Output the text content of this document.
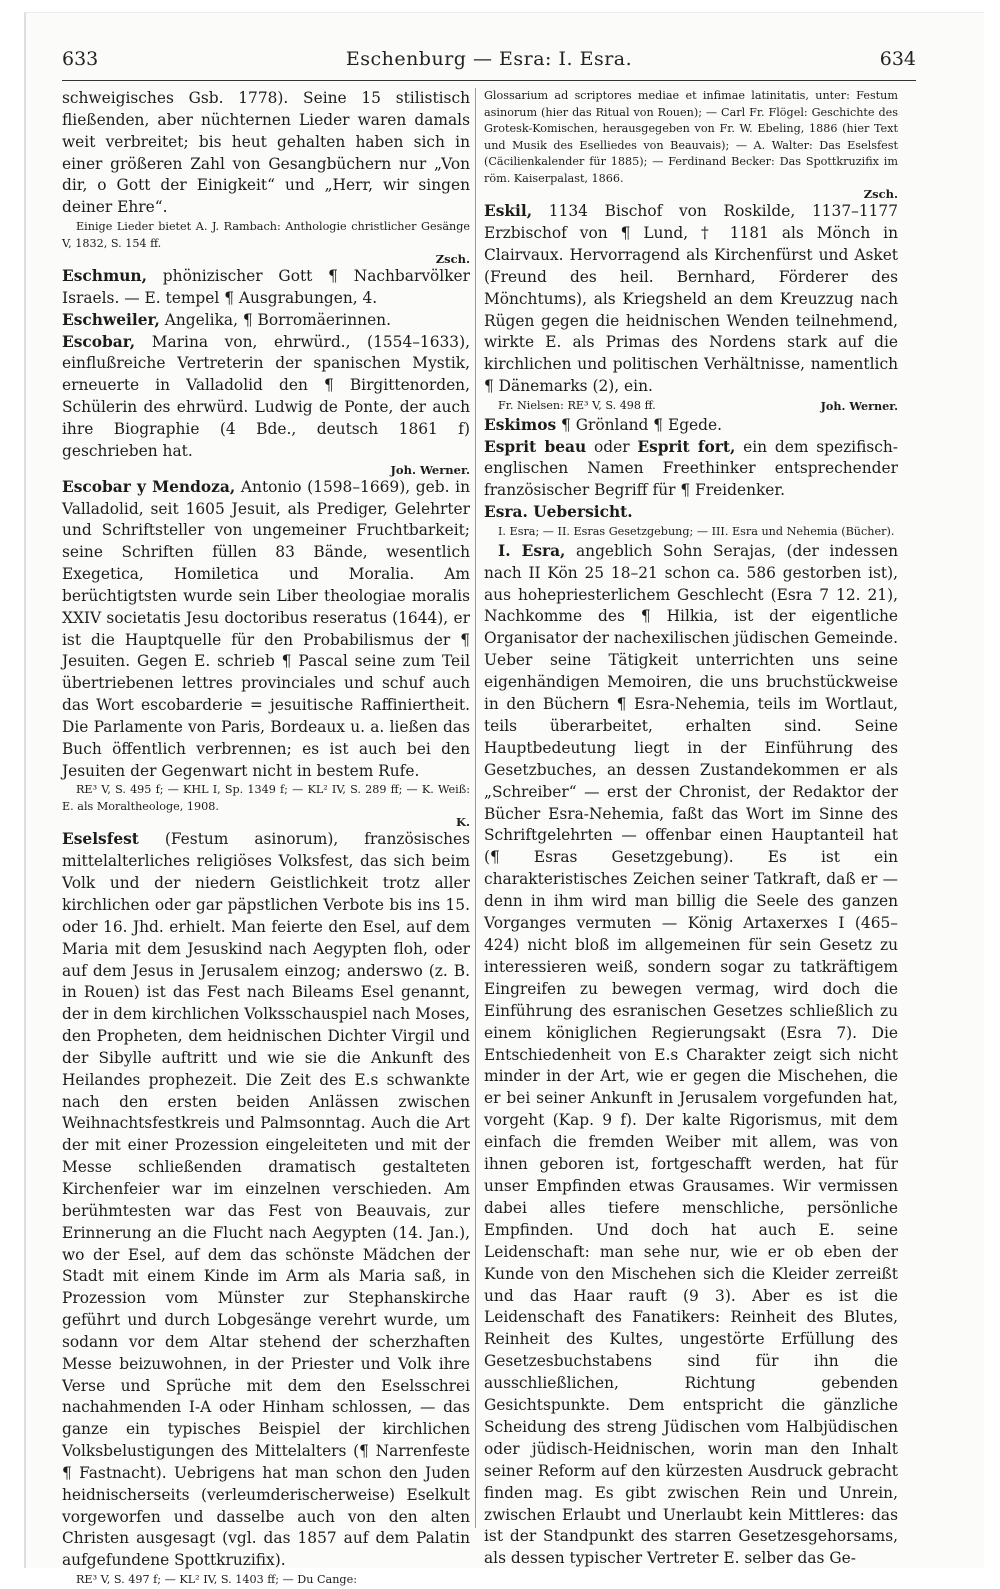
633	Eschenburg — Esra: I. Esra.	634

schweigisches Gsb. 1778). Seine 15 stilistisch fließenden, aber nüchternen Lieder waren damals weit verbreitet; bis heut gehalten haben sich in einer größeren Zahl von Gesangbüchern nur „Von dir, o Gott der Einigkeit“ und „Herr, wir singen deiner Ehre“.

Einige Lieder bietet A. J. Rambach: Anthologie christlicher Gesänge V, 1832, S. 154 ff.

Zsch.

Eschmun, phönizischer Gott ¶ Nachbarvölker Israels. — E. tempel ¶ Ausgrabungen, 4.

Eschweiler, Angelika, ¶ Borromäerinnen.

Escobar, Marina von, ehrwürd., (1554–1633), einflußreiche Vertreterin der spanischen Mystik, erneuerte in Valladolid den ¶ Birgittenorden, Schülerin des ehrwürd. Ludwig de Ponte, der auch ihre Biographie (4 Bde., deutsch 1861 f) geschrieben hat.

Joh. Werner.

Escobar y Mendoza, Antonio (1598–1669), geb. in Valladolid, seit 1605 Jesuit, als Prediger, Gelehrter und Schriftsteller von ungemeiner Fruchtbarkeit; seine Schriften füllen 83 Bände, wesentlich Exegetica, Homiletica und Moralia. Am berüchtigtsten wurde sein Liber theologiae moralis XXIV societatis Jesu doctoribus reseratus (1644), er ist die Hauptquelle für den Probabilismus der ¶ Jesuiten. Gegen E. schrieb ¶ Pascal seine zum Teil übertriebenen lettres provinciales und schuf auch das Wort escobarderie = jesuitische Raffiniertheit. Die Parlamente von Paris, Bordeaux u. a. ließen das Buch öffentlich verbrennen; es ist auch bei den Jesuiten der Gegenwart nicht in bestem Rufe.

RE³ V, S. 495 f; — KHL I, Sp. 1349 f; — KL² IV, S. 289 ff; — K. Weiß: E. als Moraltheologe, 1908.

K.

Eselsfest (Festum asinorum), französisches mittelalterliches religiöses Volksfest, das sich beim Volk und der niedern Geistlichkeit trotz aller kirchlichen oder gar päpstlichen Verbote bis ins 15. oder 16. Jhd. erhielt. Man feierte den Esel, auf dem Maria mit dem Jesuskind nach Aegypten floh, oder auf dem Jesus in Jerusalem einzog; anderswo (z. B. in Rouen) ist das Fest nach Bileams Esel genannt, der in dem kirchlichen Volksschauspiel nach Moses, den Propheten, dem heidnischen Dichter Virgil und der Sibylle auftritt und wie sie die Ankunft des Heilandes prophezeit. Die Zeit des E.s schwankte nach den ersten beiden Anlässen zwischen Weihnachtsfestkreis und Palmsonntag. Auch die Art der mit einer Prozession eingeleiteten und mit der Messe schließenden dramatisch gestalteten Kirchenfeier war im einzelnen verschieden. Am berühmtesten war das Fest von Beauvais, zur Erinnerung an die Flucht nach Aegypten (14. Jan.), wo der Esel, auf dem das schönste Mädchen der Stadt mit einem Kinde im Arm als Maria saß, in Prozession vom Münster zur Stephanskirche geführt und durch Lobgesänge verehrt wurde, um sodann vor dem Altar stehend der scherzhaften Messe beizuwohnen, in der Priester und Volk ihre Verse und Sprüche mit dem den Eselsschrei nachahmenden I-A oder Hinham schlossen, — das ganze ein typisches Beispiel der kirchlichen Volksbelustigungen des Mittelalters (¶ Narrenfeste ¶ Fastnacht). Uebrigens hat man schon den Juden heidnischerseits (verleumderischerweise) Eselkult vorgeworfen und dasselbe auch von den alten Christen ausgesagt (vgl. das 1857 auf dem Palatin aufgefundene Spottkruzifix).

RE³ V, S. 497 f; — KL² IV, S. 1403 ff; — Du Cange:

Glossarium ad scriptores mediae et infimae latinitatis, unter: Festum asinorum (hier das Ritual von Rouen); — Carl Fr. Flögel: Geschichte des Grotesk-Komischen, herausgegeben von Fr. W. Ebeling, 1886 (hier Text und Musik des Eselliedes von Beauvais); — A. Walter: Das Eselsfest (Cäcilienkalender für 1885); — Ferdinand Becker: Das Spottkruzifix im röm. Kaiserpalast, 1866.

Zsch.

Eskil, 1134 Bischof von Roskilde, 1137–1177 Erzbischof von ¶ Lund, † 1181 als Mönch in Clairvaux. Hervorragend als Kirchenfürst und Asket (Freund des heil. Bernhard, Förderer des Mönchtums), als Kriegsheld an dem Kreuzzug nach Rügen gegen die heidnischen Wenden teilnehmend, wirkte E. als Primas des Nordens stark auf die kirchlichen und politischen Verhältnisse, namentlich ¶ Dänemarks (2), ein.

Fr. Nielsen: RE³ V, S. 498 ff.	Joh. Werner.

Eskimos ¶ Grönland ¶ Egede.

Esprit beau oder Esprit fort, ein dem spezifisch-englischen Namen Freethinker entsprechender französischer Begriff für ¶ Freidenker.

Esra. Uebersicht.

I. Esra; — II. Esras Gesetzgebung; — III. Esra und Nehemia (Bücher).

I. Esra, angeblich Sohn Serajas, (der indessen nach II Kön 25 18–21 schon ca. 586 gestorben ist), aus hohepriesterlichem Geschlecht (Esra 7 12. 21), Nachkomme des ¶ Hilkia, ist der eigentliche Organisator der nachexilischen jüdischen Gemeinde. Ueber seine Tätigkeit unterrichten uns seine eigenhändigen Memoiren, die uns bruchstückweise in den Büchern ¶ Esra-Nehemia, teils im Wortlaut, teils überarbeitet, erhalten sind. Seine Hauptbedeutung liegt in der Einführung des Gesetzbuches, an dessen Zustandekommen er als „Schreiber“ — erst der Chronist, der Redaktor der Bücher Esra-Nehemia, faßt das Wort im Sinne des Schriftgelehrten — offenbar einen Hauptanteil hat (¶ Esras Gesetzgebung). Es ist ein charakteristisches Zeichen seiner Tatkraft, daß er — denn in ihm wird man billig die Seele des ganzen Vorganges vermuten — König Artaxerxes I (465–424) nicht bloß im allgemeinen für sein Gesetz zu interessieren weiß, sondern sogar zu tatkräftigem Eingreifen zu bewegen vermag, wird doch die Einführung des esranischen Gesetzes schließlich zu einem königlichen Regierungsakt (Esra 7). Die Entschiedenheit von E.s Charakter zeigt sich nicht minder in der Art, wie er gegen die Mischehen, die er bei seiner Ankunft in Jerusalem vorgefunden hat, vorgeht (Kap. 9 f). Der kalte Rigorismus, mit dem einfach die fremden Weiber mit allem, was von ihnen geboren ist, fortgeschafft werden, hat für unser Empfinden etwas Grausames. Wir vermissen dabei alles tiefere menschliche, persönliche Empfinden. Und doch hat auch E. seine Leidenschaft: man sehe nur, wie er ob eben der Kunde von den Mischehen sich die Kleider zerreißt und das Haar rauft (9 3). Aber es ist die Leidenschaft des Fanatikers: Reinheit des Blutes, Reinheit des Kultes, ungestörte Erfüllung des Gesetzesbuchstabens sind für ihn die ausschließlichen, Richtung gebenden Gesichtspunkte. Dem entspricht die gänzliche Scheidung des streng Jüdischen vom Halbjüdischen oder jüdisch-Heidnischen, worin man den Inhalt seiner Reform auf den kürzesten Ausdruck gebracht finden mag. Es gibt zwischen Rein und Unrein, zwischen Erlaubt und Unerlaubt kein Mittleres: das ist der Standpunkt des starren Gesetzesgehorsams, als dessen typischer Vertreter E. selber das Ge-
